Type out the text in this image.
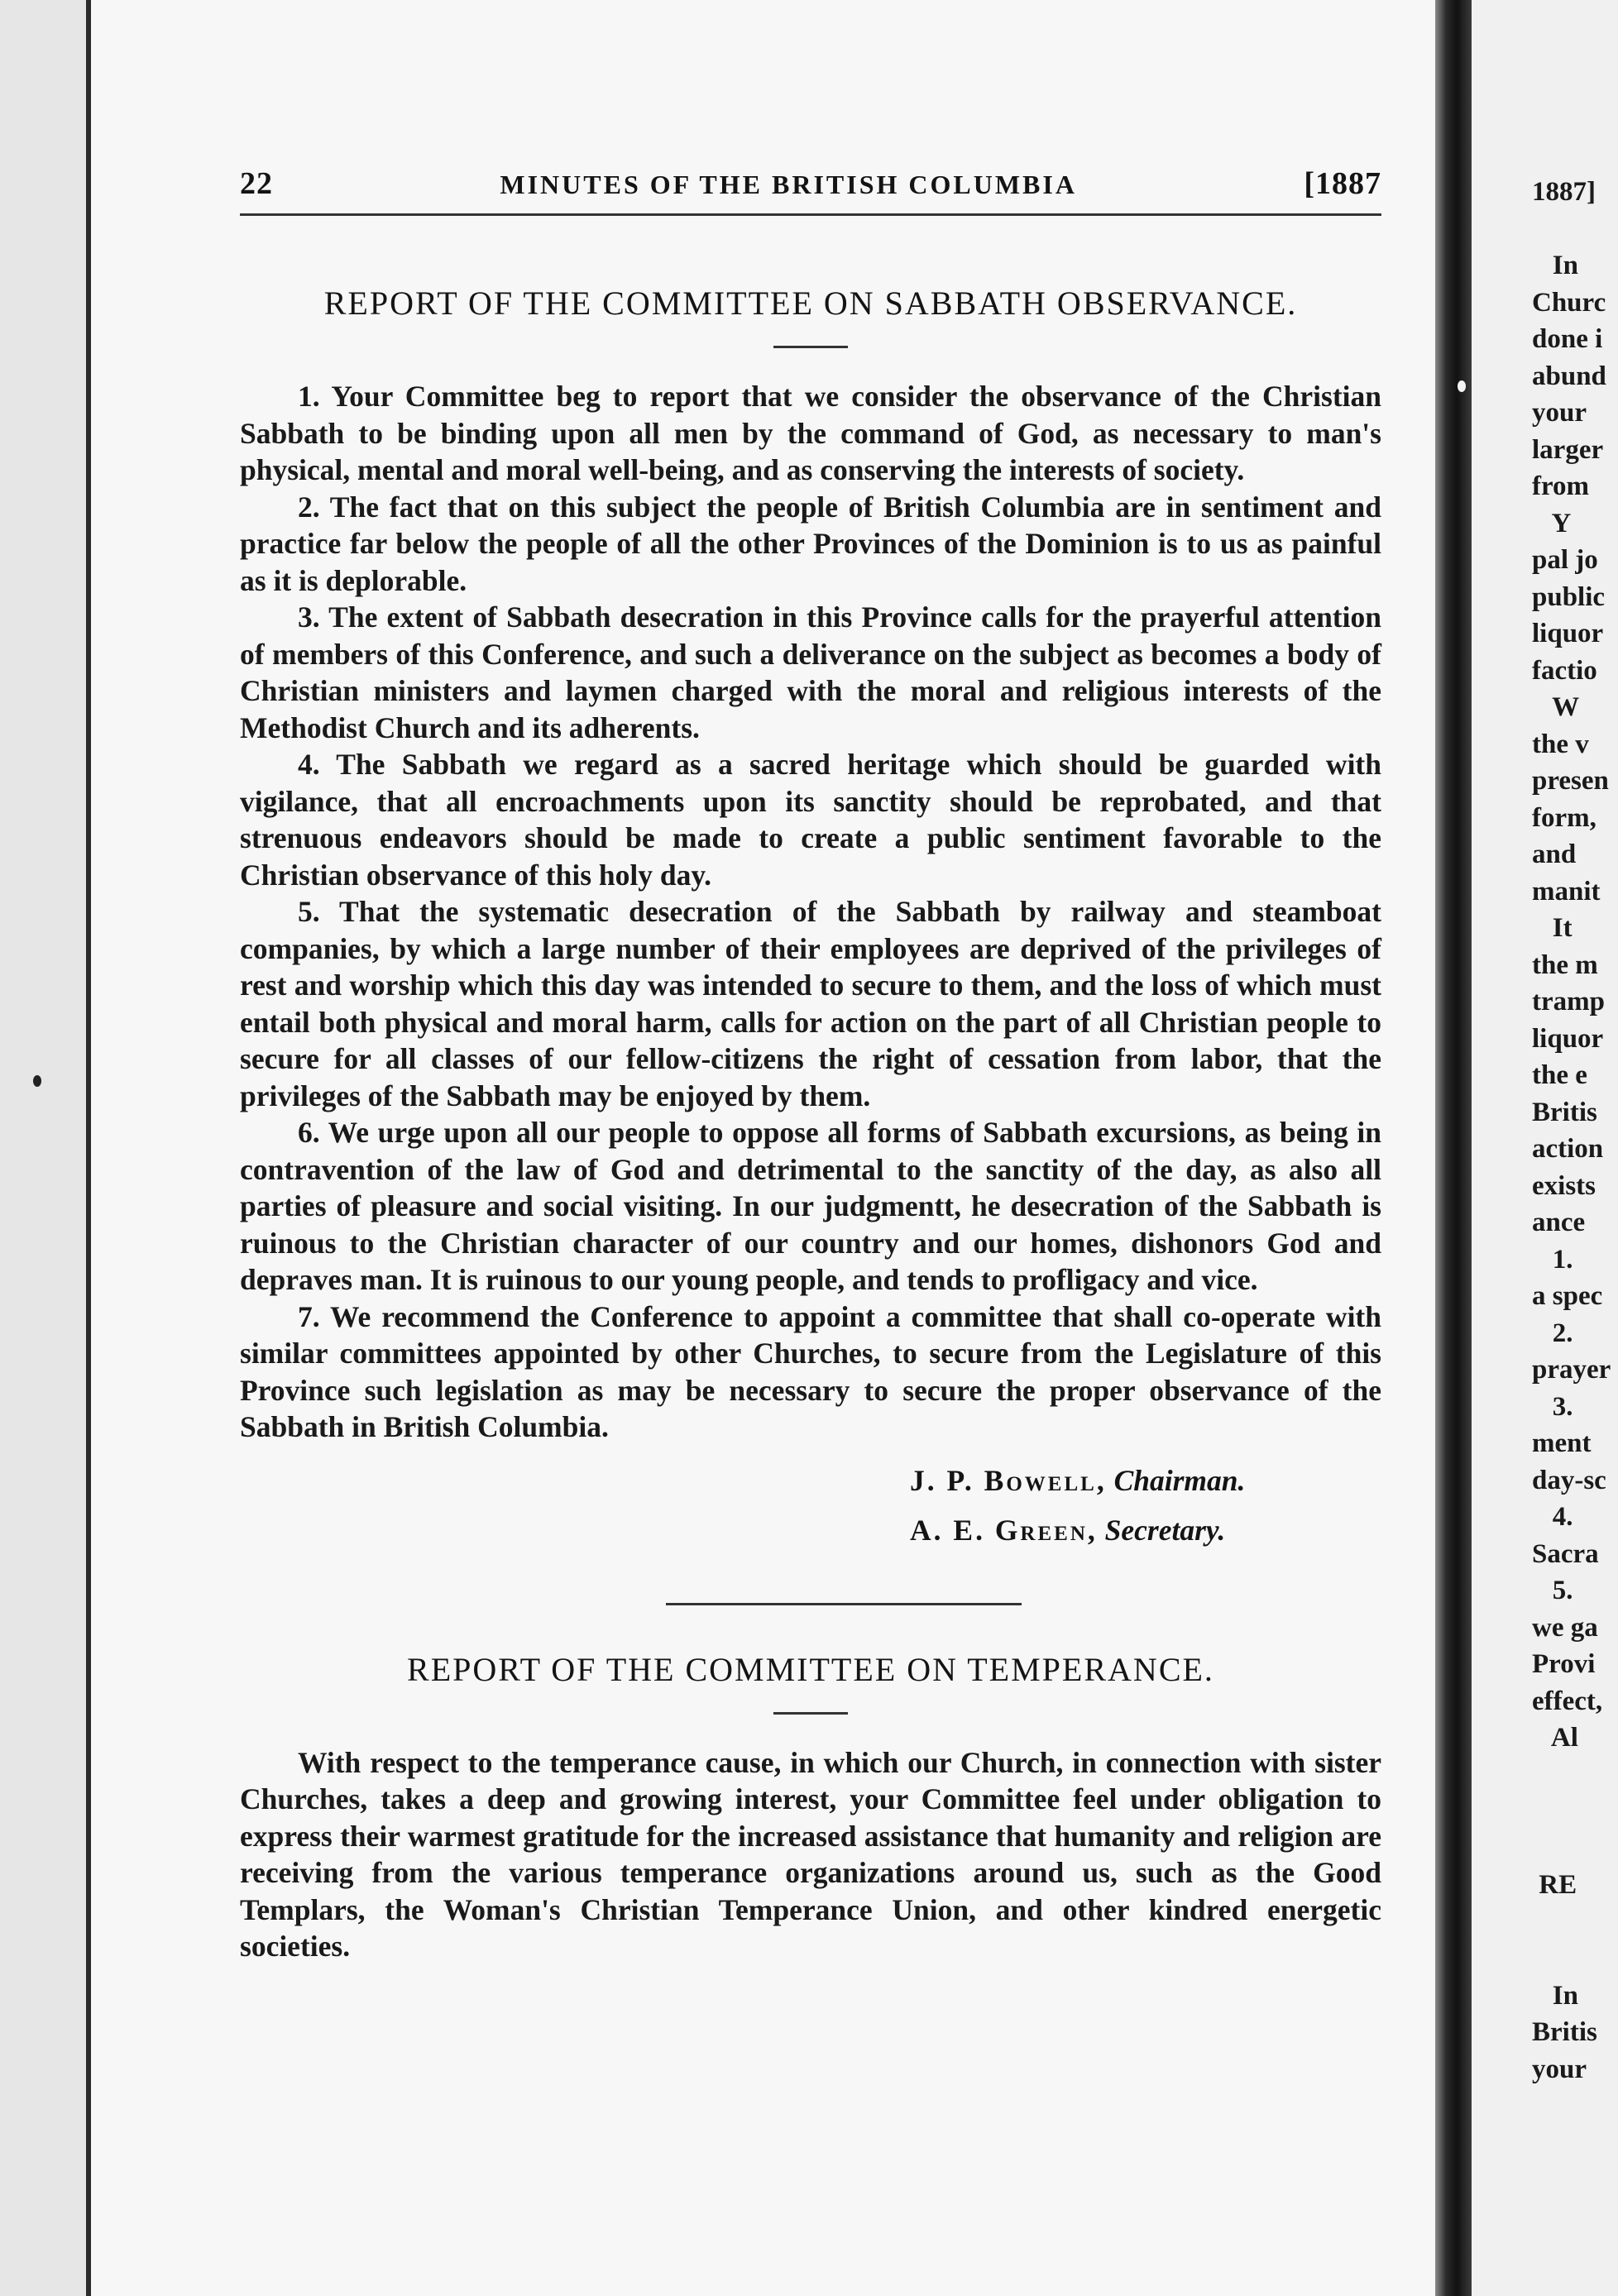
1887]

In
Churc
done i
abund
your
larger
from
Y
pal jo
public
liquor
factio
W
the v
presen
form,
and
manit
It
the m
tramp
liquor
the e
Britis
action
exists
ance
1.
a spec
2.
prayer
3.
ment
day-sc
4.
Sacra
5.
we ga
Provi
effect,
Al

RE

In
Britis
your
22	MINUTES OF THE BRITISH COLUMBIA	[1887
REPORT OF THE COMMITTEE ON SABBATH OBSERVANCE.

1. Your Committee beg to report that we consider the observance of the Christian Sabbath to be binding upon all men by the command of God, as necessary to man's physical, mental and moral well-being, and as conserving the interests of society.

2. The fact that on this subject the people of British Columbia are in sentiment and practice far below the people of all the other Provinces of the Dominion is to us as painful as it is deplorable.

3. The extent of Sabbath desecration in this Province calls for the prayerful attention of members of this Conference, and such a deliverance on the subject as becomes a body of Christian ministers and laymen charged with the moral and religious interests of the Methodist Church and its adherents.

4. The Sabbath we regard as a sacred heritage which should be guarded with vigilance, that all encroachments upon its sanctity should be reprobated, and that strenuous endeavors should be made to create a public sentiment favorable to the Christian observance of this holy day.

5. That the systematic desecration of the Sabbath by railway and steamboat companies, by which a large number of their employees are deprived of the privileges of rest and worship which this day was intended to secure to them, and the loss of which must entail both physical and moral harm, calls for action on the part of all Christian people to secure for all classes of our fellow-citizens the right of cessation from labor, that the privileges of the Sabbath may be enjoyed by them.

6. We urge upon all our people to oppose all forms of Sabbath excursions, as being in contravention of the law of God and detrimental to the sanctity of the day, as also all parties of pleasure and social visiting. In our judgmentt, he desecration of the Sabbath is ruinous to the Christian character of our country and our homes, dishonors God and depraves man. It is ruinous to our young people, and tends to profligacy and vice.

7. We recommend the Conference to appoint a committee that shall co-operate with similar committees appointed by other Churches, to secure from the Legislature of this Province such legislation as may be necessary to secure the proper observance of the Sabbath in British Columbia.

J. P. Bowell, Chairman.
A. E. Green, Secretary.
REPORT OF THE COMMITTEE ON TEMPERANCE.

With respect to the temperance cause, in which our Church, in connection with sister Churches, takes a deep and growing interest, your Committee feel under obligation to express their warmest gratitude for the increased assistance that humanity and religion are receiving from the various temperance organizations around us, such as the Good Templars, the Woman's Christian Temperance Union, and other kindred energetic societies.
